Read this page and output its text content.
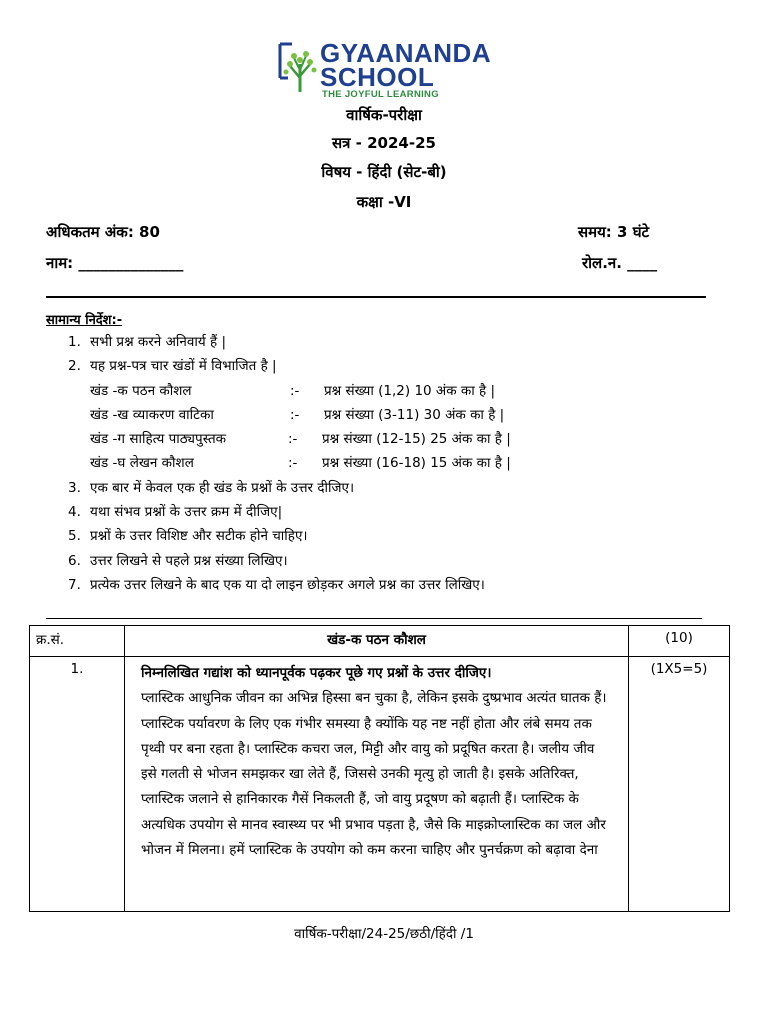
GYAANANDA
SCHOOL
THE JOYFUL LEARNING
वार्षिक-परीक्षा
सत्र - 2024-25
विषय - हिंदी (सेट-बी)
कक्षा -VI
अधिकतम अंक: 80	समय: 3 घंटे
नाम: ______________	रोल.न. ____
सामान्य निर्देश:-
1. सभी प्रश्न करने अनिवार्य हैं |
2. यह प्रश्न-पत्र चार खंडों में विभाजित है |
खंड -क पठन कौशल	:- प्रश्न संख्या (1,2) 10 अंक का है |
खंड -ख व्याकरण वाटिका	:- प्रश्न संख्या (3-11) 30 अंक का है |
खंड -ग साहित्य पाठ्यपुस्तक	:- प्रश्न संख्या (12-15) 25 अंक का है |
खंड -घ लेखन कौशल	:- प्रश्न संख्या (16-18) 15 अंक का है |
3. एक बार में केवल एक ही खंड के प्रश्नों के उत्तर दीजिए।
4. यथा संभव प्रश्नों के उत्तर क्रम में दीजिए|
5. प्रश्नों के उत्तर विशिष्ट और सटीक होने चाहिए।
6. उत्तर लिखने से पहले प्रश्न संख्या लिखिए।
7. प्रत्येक उत्तर लिखने के बाद एक या दो लाइन छोड़कर अगले प्रश्न का उत्तर लिखिए।
क्र.सं.	खंड-क पठन कौशल	(10)
1.	निम्नलिखित गद्यांश को ध्यानपूर्वक पढ़कर पूछे गए प्रश्नों के उत्तर दीजिए।
प्लास्टिक आधुनिक जीवन का अभिन्न हिस्सा बन चुका है, लेकिन इसके दुष्प्रभाव अत्यंत घातक हैं। प्लास्टिक पर्यावरण के लिए एक गंभीर समस्या है क्योंकि यह नष्ट नहीं होता और लंबे समय तक पृथ्वी पर बना रहता है। प्लास्टिक कचरा जल, मिट्टी और वायु को प्रदूषित करता है। जलीय जीव इसे गलती से भोजन समझकर खा लेते हैं, जिससे उनकी मृत्यु हो जाती है। इसके अतिरिक्त, प्लास्टिक जलाने से हानिकारक गैसें निकलती हैं, जो वायु प्रदूषण को बढ़ाती हैं। प्लास्टिक के अत्यधिक उपयोग से मानव स्वास्थ्य पर भी प्रभाव पड़ता है, जैसे कि माइक्रोप्लास्टिक का जल और भोजन में मिलना। हमें प्लास्टिक के उपयोग को कम करना चाहिए और पुनर्चक्रण को बढ़ावा देना	(1X5=5)
वार्षिक-परीक्षा/24-25/छठी/हिंदी /1
